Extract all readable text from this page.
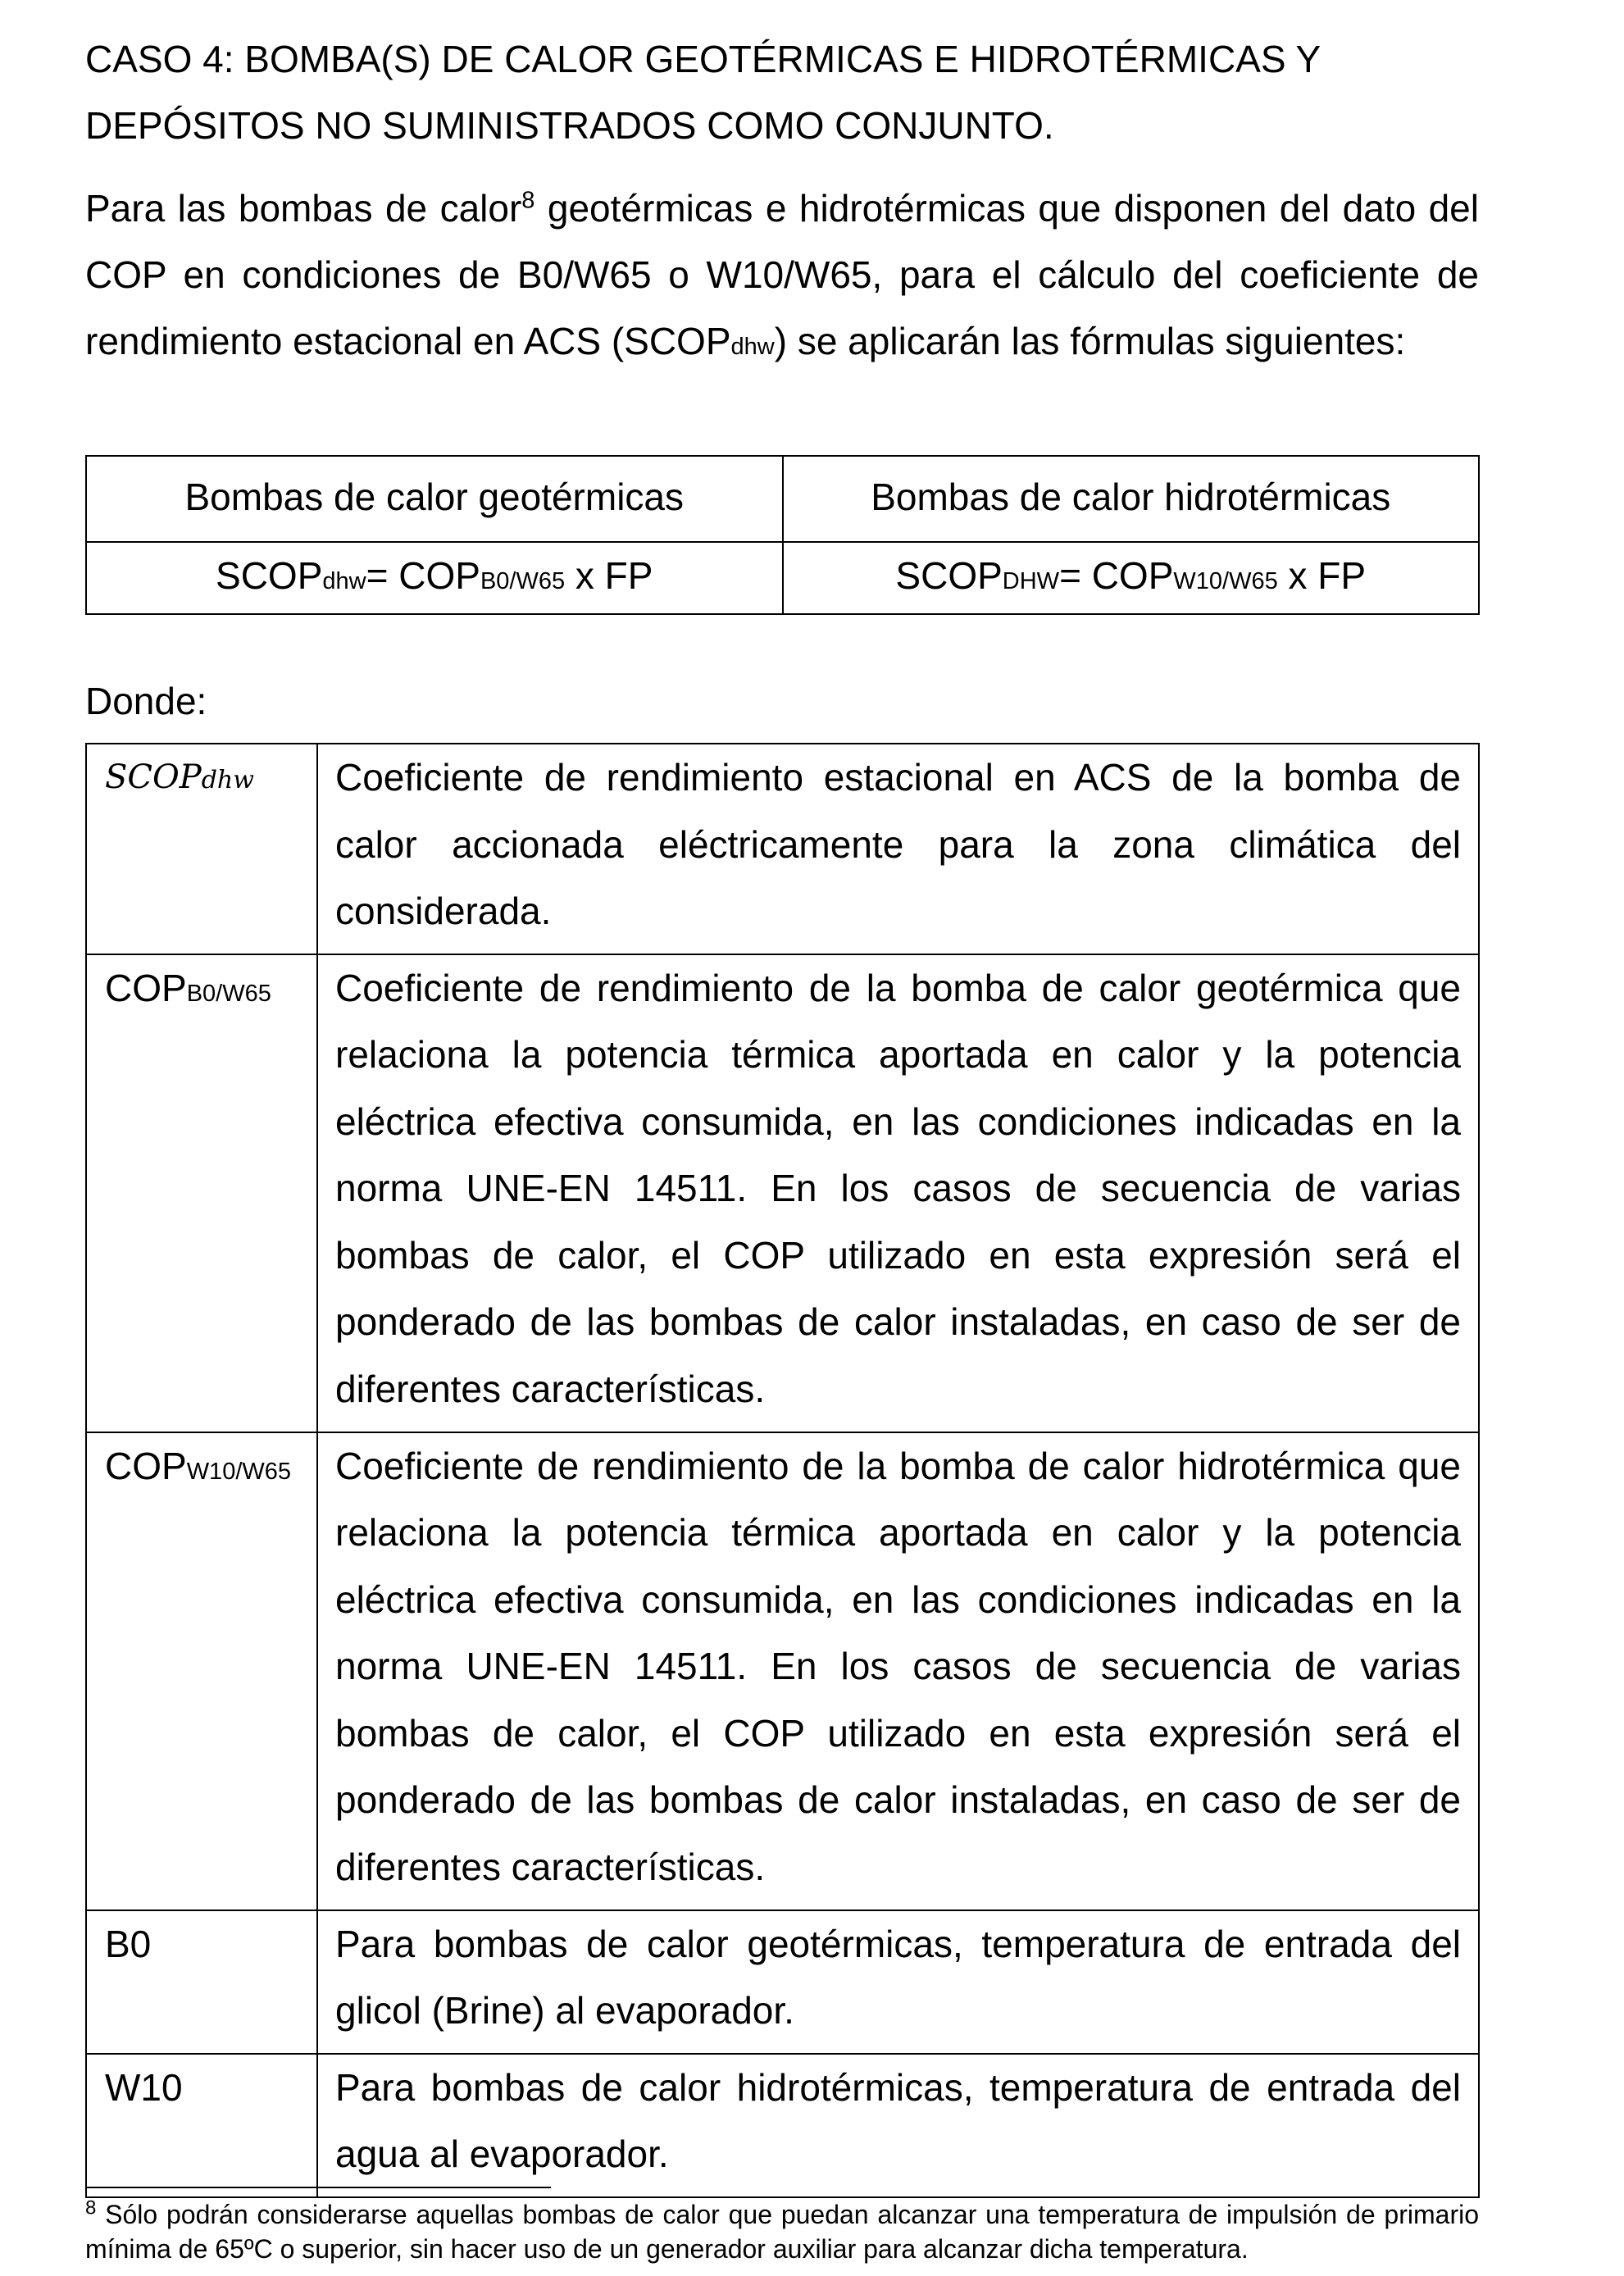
CASO 4: BOMBA(S) DE CALOR GEOTÉRMICAS E HIDROTÉRMICAS Y
DEPÓSITOS NO SUMINISTRADOS COMO CONJUNTO.

Para las bombas de calor$^8$ geotérmicas e hidrotérmicas que disponen del dato del COP en condiciones de B0/W65 o W10/W65, para el cálculo del coeficiente de rendimiento estacional en ACS (SCOPdhw) se aplicarán las fórmulas siguientes:

Bombas de calor geotérmicas	Bombas de calor hidrotérmicas
SCOPdhw= COPB0/W65 x FP	SCOPDHW= COPW10/W65 x FP
Donde:
SCOPdhw	Coeficiente de rendimiento estacional en ACS de la bomba de calor accionada eléctricamente para la zona climática del considerada.
COPB0/W65	Coeficiente de rendimiento de la bomba de calor geotérmica que relaciona la potencia térmica aportada en calor y la potencia eléctrica efectiva consumida, en las condiciones indicadas en la norma UNE-EN 14511. En los casos de secuencia de varias bombas de calor, el COP utilizado en esta expresión será el ponderado de las bombas de calor instaladas, en caso de ser de diferentes características.
COPW10/W65	Coeficiente de rendimiento de la bomba de calor hidrotérmica que relaciona la potencia térmica aportada en calor y la potencia eléctrica efectiva consumida, en las condiciones indicadas en la norma UNE-EN 14511. En los casos de secuencia de varias bombas de calor, el COP utilizado en esta expresión será el ponderado de las bombas de calor instaladas, en caso de ser de diferentes características.
B0	Para bombas de calor geotérmicas, temperatura de entrada del glicol (Brine) al evaporador.
W10	Para bombas de calor hidrotérmicas, temperatura de entrada del agua al evaporador.

$^8$ Sólo podrán considerarse aquellas bombas de calor que puedan alcanzar una temperatura de impulsión de primario mínima de 65ºC o superior, sin hacer uso de un generador auxiliar para alcanzar dicha temperatura.
